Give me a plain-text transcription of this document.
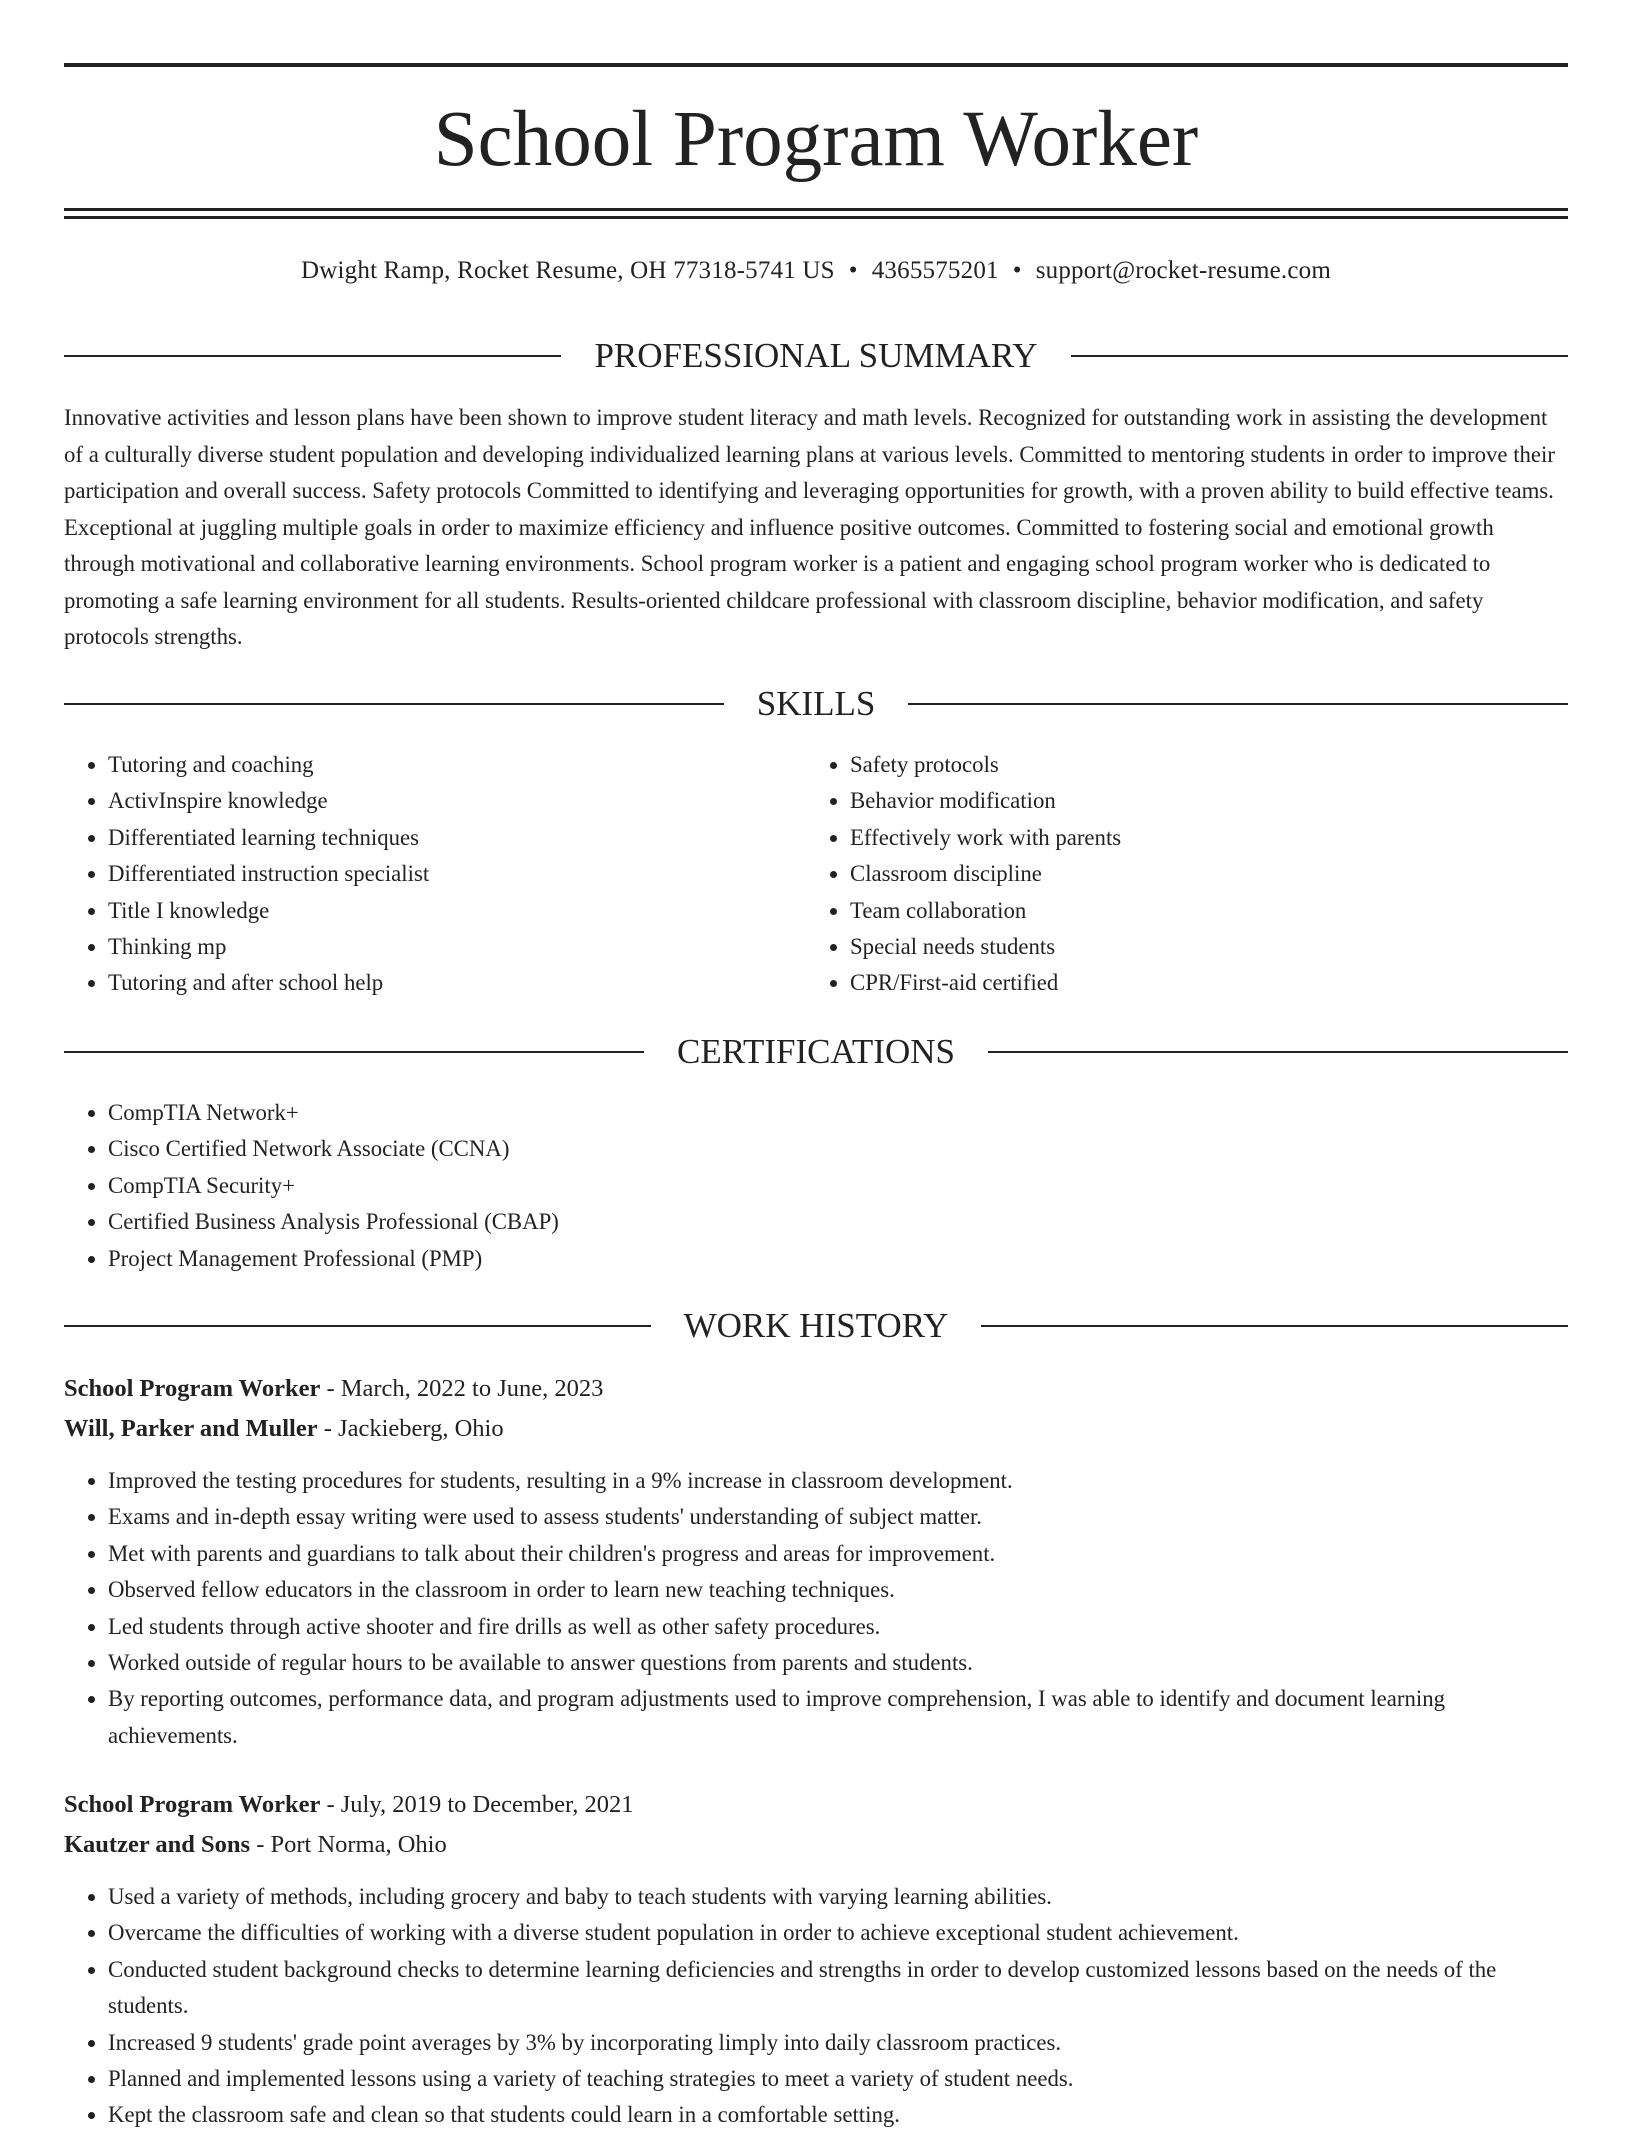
School Program Worker
Dwight Ramp, Rocket Resume, OH 77318-5741 US • 4365575201 • support@rocket-resume.com
PROFESSIONAL SUMMARY

Innovative activities and lesson plans have been shown to improve student literacy and math levels. Recognized for outstanding work in assisting the development of a culturally diverse student population and developing individualized learning plans at various levels. Committed to mentoring students in order to improve their participation and overall success. Safety protocols Committed to identifying and leveraging opportunities for growth, with a proven ability to build effective teams. Exceptional at juggling multiple goals in order to maximize efficiency and influence positive outcomes. Committed to fostering social and emotional growth through motivational and collaborative learning environments. School program worker is a patient and engaging school program worker who is dedicated to promoting a safe learning environment for all students. Results-oriented childcare professional with classroom discipline, behavior modification, and safety protocols strengths.

SKILLS
• Tutoring and coaching
• ActivInspire knowledge
• Differentiated learning techniques
• Differentiated instruction specialist
• Title I knowledge
• Thinking mp
• Tutoring and after school help
• Safety protocols
• Behavior modification
• Effectively work with parents
• Classroom discipline
• Team collaboration
• Special needs students
• CPR/First-aid certified
CERTIFICATIONS
• CompTIA Network+
• Cisco Certified Network Associate (CCNA)
• CompTIA Security+
• Certified Business Analysis Professional (CBAP)
• Project Management Professional (PMP)
WORK HISTORY
School Program Worker - March, 2022 to June, 2023
Will, Parker and Muller - Jackieberg, Ohio
• Improved the testing procedures for students, resulting in a 9% increase in classroom development.
• Exams and in-depth essay writing were used to assess students' understanding of subject matter.
• Met with parents and guardians to talk about their children's progress and areas for improvement.
• Observed fellow educators in the classroom in order to learn new teaching techniques.
• Led students through active shooter and fire drills as well as other safety procedures.
• Worked outside of regular hours to be available to answer questions from parents and students.
• By reporting outcomes, performance data, and program adjustments used to improve comprehension, I was able to identify and document learning achievements.
School Program Worker - July, 2019 to December, 2021
Kautzer and Sons - Port Norma, Ohio
• Used a variety of methods, including grocery and baby to teach students with varying learning abilities.
• Overcame the difficulties of working with a diverse student population in order to achieve exceptional student achievement.
• Conducted student background checks to determine learning deficiencies and strengths in order to develop customized lessons based on the needs of the students.
• Increased 9 students' grade point averages by 3% by incorporating limply into daily classroom practices.
• Planned and implemented lessons using a variety of teaching strategies to meet a variety of student needs.
• Kept the classroom safe and clean so that students could learn in a comfortable setting.
